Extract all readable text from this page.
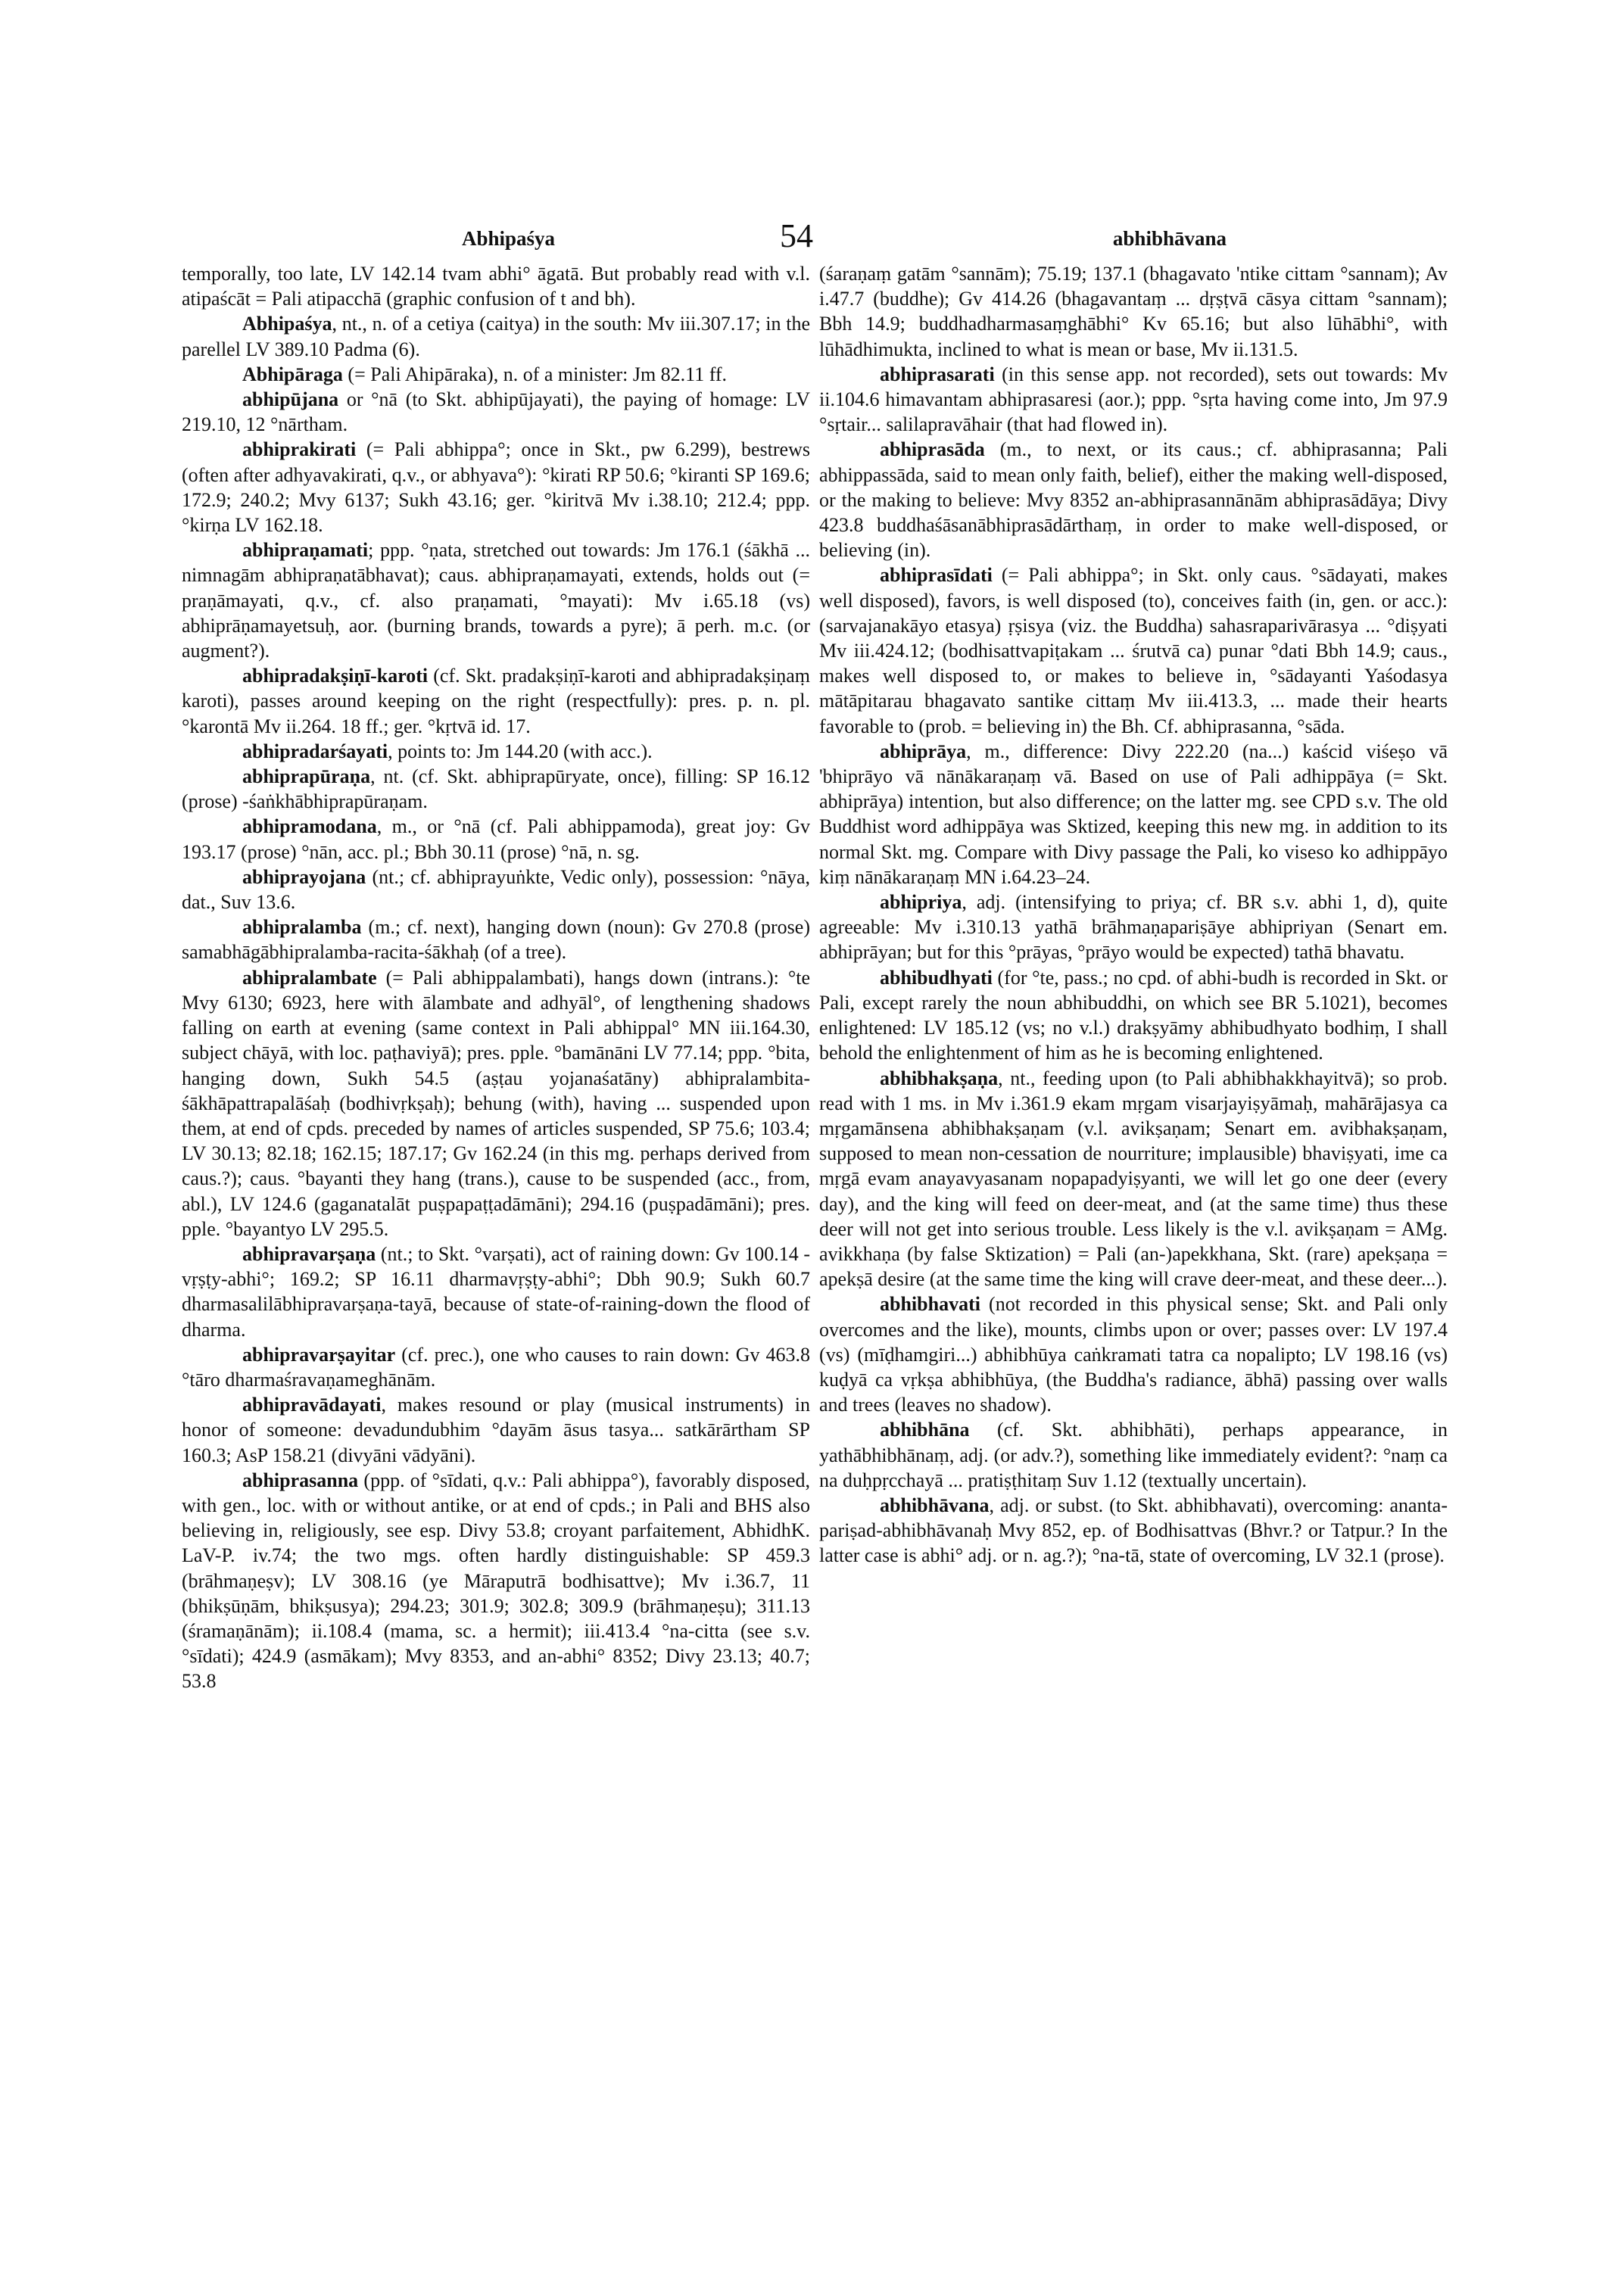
Abhipaśya	54	abhibhāvana

temporally, too late, LV 142.14 tvam abhi° āgatā. But probably read with v.l. atipaścāt = Pali atipacchā (graphic confusion of t and bh).

Abhipaśya, nt., n. of a cetiya (caitya) in the south: Mv iii.307.17; in the parellel LV 389.10 Padma (6).

Abhipāraga (= Pali Ahipāraka), n. of a minister: Jm 82.11 ff.

abhipūjana or °nā (to Skt. abhipūjayati), the paying of homage: LV 219.10, 12 °nārtham.

abhiprakirati (= Pali abhippa°; once in Skt., pw 6.299), bestrews (often after adhyavakirati, q.v., or abhyava°): °kirati RP 50.6; °kiranti SP 169.6; 172.9; 240.2; Mvy 6137; Sukh 43.16; ger. °kiritvā Mv i.38.10; 212.4; ppp. °kirṇa LV 162.18.

abhipraṇamati; ppp. °ṇata, stretched out towards: Jm 176.1 (śākhā ... nimnagām abhipraṇatābhavat); caus. abhipraṇamayati, extends, holds out (= praṇāmayati, q.v., cf. also praṇamati, °mayati): Mv i.65.18 (vs) abhiprāṇamayetsuḥ, aor. (burning brands, towards a pyre); ā perh. m.c. (or augment?).

abhipradakṣiṇī-karoti (cf. Skt. pradakṣiṇī-karoti and abhipradakṣiṇaṃ karoti), passes around keeping on the right (respectfully): pres. p. n. pl. °karontā Mv ii.264. 18 ff.; ger. °kṛtvā id. 17.

abhipradarśayati, points to: Jm 144.20 (with acc.).

abhiprapūraṇa, nt. (cf. Skt. abhiprapūryate, once), filling: SP 16.12 (prose) -śaṅkhābhiprapūraṇam.

abhipramodana, m., or °nā (cf. Pali abhippamoda), great joy: Gv 193.17 (prose) °nān, acc. pl.; Bbh 30.11 (prose) °nā, n. sg.

abhiprayojana (nt.; cf. abhiprayuṅkte, Vedic only), possession: °nāya, dat., Suv 13.6.

abhipralamba (m.; cf. next), hanging down (noun): Gv 270.8 (prose) samabhāgābhipralamba-racita-śākhaḥ (of a tree).

abhipralambate (= Pali abhippalambati), hangs down (intrans.): °te Mvy 6130; 6923, here with ālambate and adhyāl°, of lengthening shadows falling on earth at evening (same context in Pali abhippal° MN iii.164.30, subject chāyā, with loc. paṭhaviyā); pres. pple. °bamānāni LV 77.14; ppp. °bita, hanging down, Sukh 54.5 (aṣṭau yojanaśatāny) abhipralambita-śākhāpattrapalāśaḥ (bodhivṛkṣaḥ); behung (with), having ... suspended upon them, at end of cpds. preceded by names of articles suspended, SP 75.6; 103.4; LV 30.13; 82.18; 162.15; 187.17; Gv 162.24 (in this mg. perhaps derived from caus.?); caus. °bayanti they hang (trans.), cause to be suspended (acc., from, abl.), LV 124.6 (gaganatalāt puṣpapaṭṭadāmāni); 294.16 (puṣpadāmāni); pres. pple. °bayantyo LV 295.5.

abhipravarṣaṇa (nt.; to Skt. °varṣati), act of raining down: Gv 100.14 -vṛṣṭy-abhi°; 169.2; SP 16.11 dharmavṛṣṭy-abhi°; Dbh 90.9; Sukh 60.7 dharmasalilābhipravarṣaṇa-tayā, because of state-of-raining-down the flood of dharma.

abhipravarṣayitar (cf. prec.), one who causes to rain down: Gv 463.8 °tāro dharmaśravaṇameghānām.

abhipravādayati, makes resound or play (musical instruments) in honor of someone: devadundubhim °dayām āsus tasya... satkārārtham SP 160.3; AsP 158.21 (divyāni vādyāni).

abhiprasanna (ppp. of °sīdati, q.v.: Pali abhippa°), favorably disposed, with gen., loc. with or without antike, or at end of cpds.; in Pali and BHS also believing in, religiously, see esp. Divy 53.8; croyant parfaitement, AbhidhK. LaV-P. iv.74; the two mgs. often hardly distinguishable: SP 459.3 (brāhmaṇeṣv); LV 308.16 (ye Māraputrā bodhisattve); Mv i.36.7, 11 (bhikṣūṇām, bhikṣusya); 294.23; 301.9; 302.8; 309.9 (brāhmaṇeṣu); 311.13 (śramaṇānām); ii.108.4 (mama, sc. a hermit); iii.413.4 °na-citta (see s.v. °sīdati); 424.9 (asmākam); Mvy 8353, and an-abhi° 8352; Divy 23.13; 40.7; 53.8

(śaraṇaṃ gatām °sannām); 75.19; 137.1 (bhagavato 'ntike cittam °sannam); Av i.47.7 (buddhe); Gv 414.26 (bhagavantaṃ ... dṛṣṭvā cāsya cittam °sannam); Bbh 14.9; buddhadharmasaṃghābhi° Kv 65.16; but also lūhābhi°, with lūhādhimukta, inclined to what is mean or base, Mv ii.131.5.

abhiprasarati (in this sense app. not recorded), sets out towards: Mv ii.104.6 himavantam abhiprasaresi (aor.); ppp. °sṛta having come into, Jm 97.9 °sṛtair... salilapravāhair (that had flowed in).

abhiprasāda (m., to next, or its caus.; cf. abhiprasanna; Pali abhippassāda, said to mean only faith, belief), either the making well-disposed, or the making to believe: Mvy 8352 an-abhiprasannānām abhiprasādāya; Divy 423.8 buddhaśāsanābhiprasādārthaṃ, in order to make well-disposed, or believing (in).

abhiprasīdati (= Pali abhippa°; in Skt. only caus. °sādayati, makes well disposed), favors, is well disposed (to), conceives faith (in, gen. or acc.): (sarvajanakāyo etasya) ṛṣisya (viz. the Buddha) sahasraparivārasya ... °diṣyati Mv iii.424.12; (bodhisattvapiṭakam ... śrutvā ca) punar °dati Bbh 14.9; caus., makes well disposed to, or makes to believe in, °sādayanti Yaśodasya mātāpitarau bhagavato santike cittaṃ Mv iii.413.3, ... made their hearts favorable to (prob. = believing in) the Bh. Cf. abhiprasanna, °sāda.

abhiprāya, m., difference: Divy 222.20 (na...) kaścid viśeṣo vā 'bhiprāyo vā nānākaraṇaṃ vā. Based on use of Pali adhippāya (= Skt. abhiprāya) intention, but also difference; on the latter mg. see CPD s.v. The old Buddhist word adhippāya was Sktized, keeping this new mg. in addition to its normal Skt. mg. Compare with Divy passage the Pali, ko viseso ko adhippāyo kiṃ nānākaraṇaṃ MN i.64.23–24.

abhipriya, adj. (intensifying to priya; cf. BR s.v. abhi 1, d), quite agreeable: Mv i.310.13 yathā brāhmaṇapariṣāye abhipriyan (Senart em. abhiprāyan; but for this °prāyas, °prāyo would be expected) tathā bhavatu.

abhibudhyati (for °te, pass.; no cpd. of abhi-budh is recorded in Skt. or Pali, except rarely the noun abhibuddhi, on which see BR 5.1021), becomes enlightened: LV 185.12 (vs; no v.l.) drakṣyāmy abhibudhyato bodhiṃ, I shall behold the enlightenment of him as he is becoming enlightened.

abhibhakṣaṇa, nt., feeding upon (to Pali abhibhakkhayitvā); so prob. read with 1 ms. in Mv i.361.9 ekam mṛgam visarjayiṣyāmaḥ, mahārājasya ca mṛgamānsena abhibhakṣaṇam (v.l. avikṣaṇam; Senart em. avibhakṣaṇam, supposed to mean non-cessation de nourriture; implausible) bhaviṣyati, ime ca mṛgā evam anayavyasanam nopapadyiṣyanti, we will let go one deer (every day), and the king will feed on deer-meat, and (at the same time) thus these deer will not get into serious trouble. Less likely is the v.l. avikṣaṇam = AMg. avikkhaṇa (by false Sktization) = Pali (an-)apekkhana, Skt. (rare) apekṣaṇa = apekṣā desire (at the same time the king will crave deer-meat, and these deer...).

abhibhavati (not recorded in this physical sense; Skt. and Pali only overcomes and the like), mounts, climbs upon or over; passes over: LV 197.4 (vs) (mīḍhamgiri...) abhibhūya caṅkramati tatra ca nopalipto; LV 198.16 (vs) kuḍyā ca vṛkṣa abhibhūya, (the Buddha's radiance, ābhā) passing over walls and trees (leaves no shadow).

abhibhāna (cf. Skt. abhibhāti), perhaps appearance, in yathābhibhānaṃ, adj. (or adv.?), something like immediately evident?: °naṃ ca na duḥpṛcchayā ... pratiṣṭhitaṃ Suv 1.12 (textually uncertain).

abhibhāvana, adj. or subst. (to Skt. abhibhavati), overcoming: ananta-pariṣad-abhibhāvanaḥ Mvy 852, ep. of Bodhisattvas (Bhvr.? or Tatpur.? In the latter case is abhi° adj. or n. ag.?); °na-tā, state of overcoming, LV 32.1 (prose).
